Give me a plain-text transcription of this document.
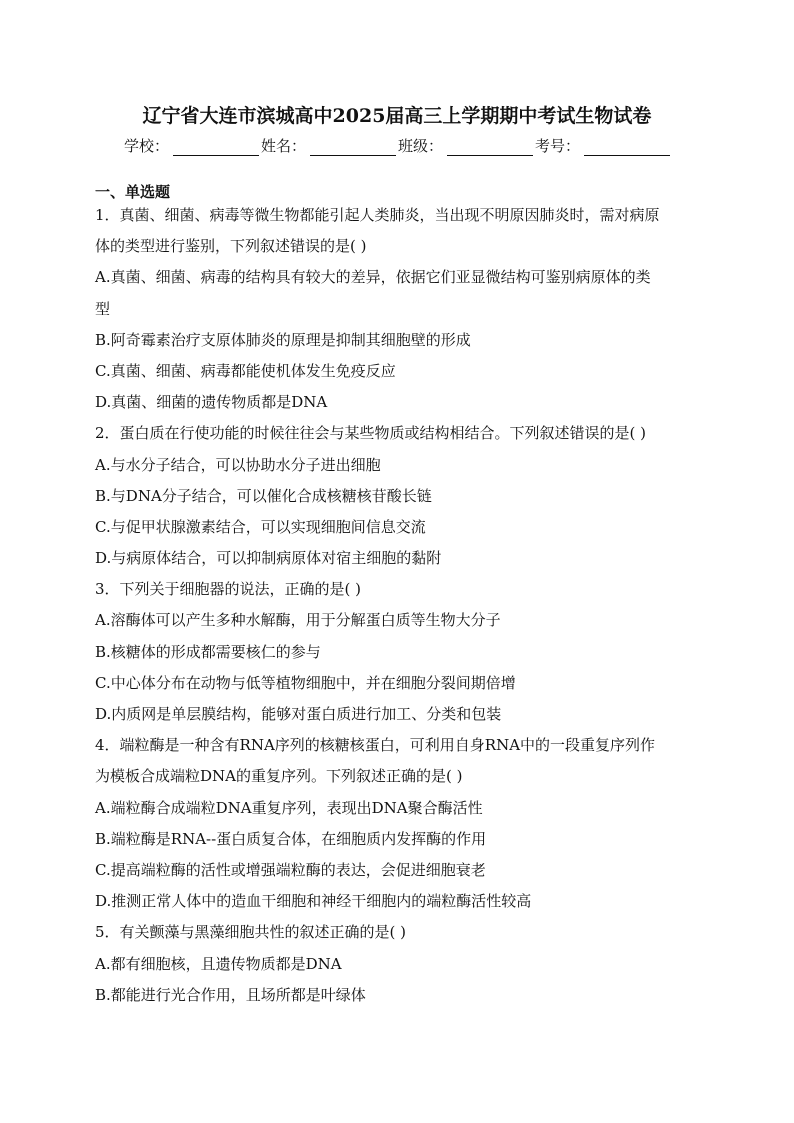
辽宁省大连市滨城高中2025届高三上学期期中考试生物试卷
学校：	姓名：	班级：	考号：
一、单选题
1．真菌、细菌、病毒等微生物都能引起人类肺炎，当出现不明原因肺炎时，需对病原
体的类型进行鉴别，下列叙述错误的是( )
A.真菌、细菌、病毒的结构具有较大的差异，依据它们亚显微结构可鉴别病原体的类
型
B.阿奇霉素治疗支原体肺炎的原理是抑制其细胞壁的形成
C.真菌、细菌、病毒都能使机体发生免疫反应
D.真菌、细菌的遗传物质都是DNA
2．蛋白质在行使功能的时候往往会与某些物质或结构相结合。下列叙述错误的是( )
A.与水分子结合，可以协助水分子进出细胞
B.与DNA分子结合，可以催化合成核糖核苷酸长链
C.与促甲状腺激素结合，可以实现细胞间信息交流
D.与病原体结合，可以抑制病原体对宿主细胞的黏附
3．下列关于细胞器的说法，正确的是( )
A.溶酶体可以产生多种水解酶，用于分解蛋白质等生物大分子
B.核糖体的形成都需要核仁的参与
C.中心体分布在动物与低等植物细胞中，并在细胞分裂间期倍增
D.内质网是单层膜结构，能够对蛋白质进行加工、分类和包装
4．端粒酶是一种含有RNA序列的核糖核蛋白，可利用自身RNA中的一段重复序列作
为模板合成端粒DNA的重复序列。下列叙述正确的是( )
A.端粒酶合成端粒DNA重复序列，表现出DNA聚合酶活性
B.端粒酶是RNA--蛋白质复合体，在细胞质内发挥酶的作用
C.提高端粒酶的活性或增强端粒酶的表达，会促进细胞衰老
D.推测正常人体中的造血干细胞和神经干细胞内的端粒酶活性较高
5．有关颤藻与黑藻细胞共性的叙述正确的是( )
A.都有细胞核，且遗传物质都是DNA
B.都能进行光合作用，且场所都是叶绿体
